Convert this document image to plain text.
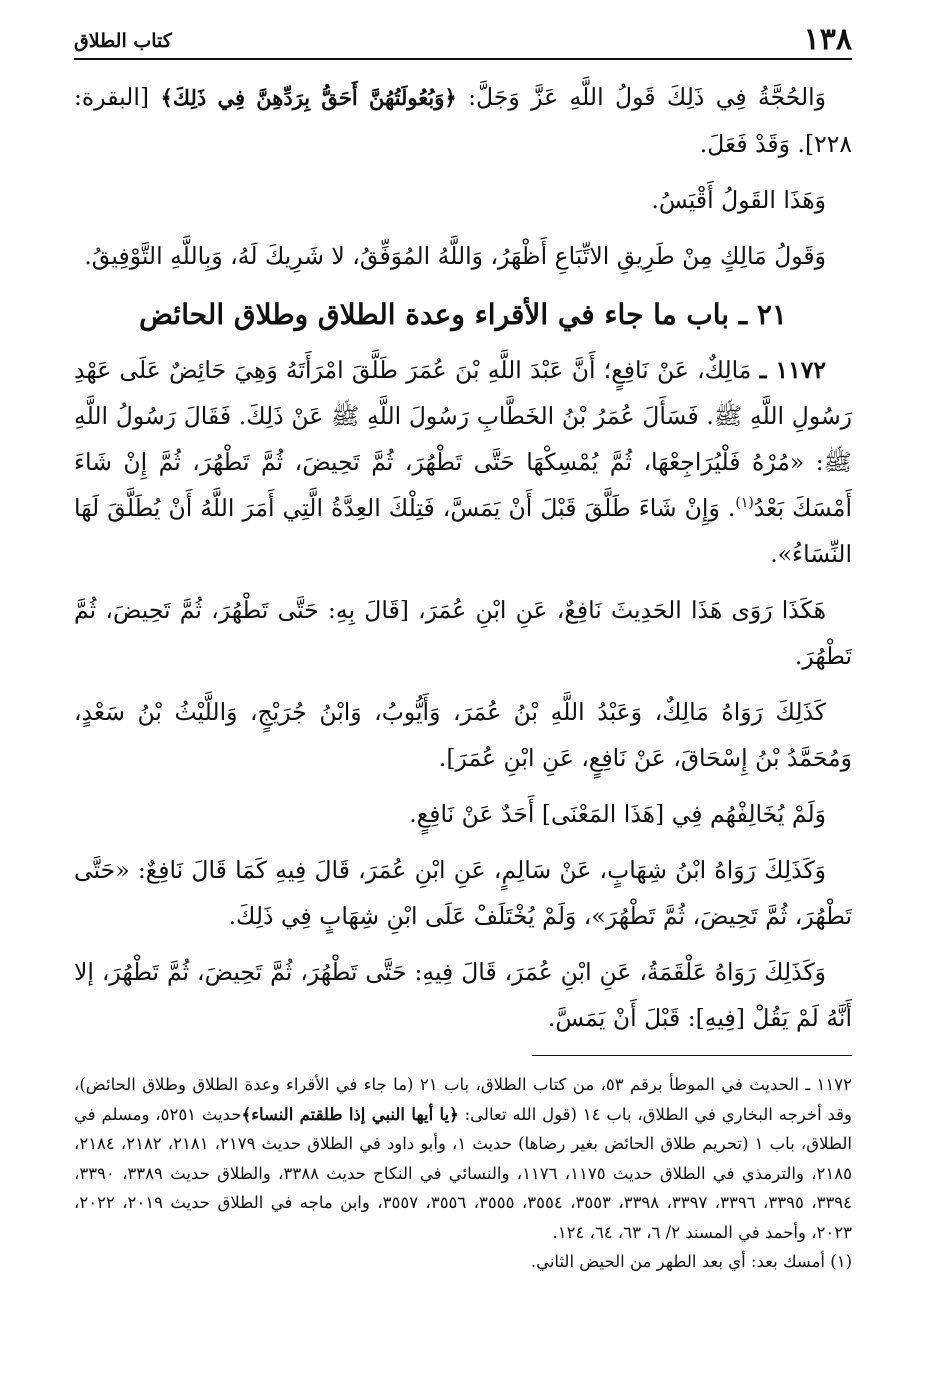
١٣٨
كتاب الطلاق

وَالحُجَّةُ فِي ذَلِكَ قَولُ اللَّهِ عَزَّ وَجَلَّ: ﴿وَبُعُولَتُهُنَّ أَحَقُّ بِرَدِّهِنَّ فِي ذَلِكَ﴾ [البقرة: ٢٢٨]. وَقَدْ فَعَلَ.

وَهَذَا القَولُ أَقْيَسُ.

وَقَولُ مَالِكٍ مِنْ طَرِيقِ الاتِّبَاعِ أَظْهَرُ، وَاللَّهُ المُوَفِّقُ، لا شَرِيكَ لَهُ، وَبِاللَّهِ التَّوْفِيقُ.

٢١ ـ باب ما جاء في الأقراء وعدة الطلاق وطلاق الحائض

١١٧٢ ـ مَالِكٌ، عَنْ نَافِعٍ؛ أَنَّ عَبْدَ اللَّهِ بْنَ عُمَرَ طَلَّقَ امْرَأَتَهُ وَهِيَ حَائِضٌ عَلَى عَهْدِ رَسُولِ اللَّهِ ﷺ. فَسَأَلَ عُمَرُ بْنُ الخَطَّابِ رَسُولَ اللَّهِ ﷺ عَنْ ذَلِكَ. فَقَالَ رَسُولُ اللَّهِ ﷺ: «مُرْهُ فَلْيُرَاجِعْهَا، ثُمَّ يُمْسِكْهَا حَتَّى تَطْهُرَ، ثُمَّ تَحِيضَ، ثُمَّ تَطْهُرَ، ثُمَّ إِنْ شَاءَ أَمْسَكَ بَعْدُ$^{(١)}$. وَإِنْ شَاءَ طَلَّقَ قَبْلَ أَنْ يَمَسَّ، فَتِلْكَ العِدَّةُ الَّتِي أَمَرَ اللَّهُ أَنْ يُطَلَّقَ لَهَا النِّسَاءُ».

هَكَذَا رَوَى هَذَا الحَدِيثَ نَافِعٌ، عَنِ ابْنِ عُمَرَ، [قَالَ بِهِ: حَتَّى تَطْهُرَ، ثُمَّ تَحِيضَ، ثُمَّ تَطْهُرَ.

كَذَلِكَ رَوَاهُ مَالِكٌ، وَعَبْدُ اللَّهِ بْنُ عُمَرَ، وَأَيُّوبُ، وَابْنُ جُرَيْجٍ، وَاللَّيْثُ بْنُ سَعْدٍ، وَمُحَمَّدُ بْنُ إِسْحَاقَ، عَنْ نَافِعٍ، عَنِ ابْنِ عُمَرَ].

وَلَمْ يُخَالِفْهُم فِي [هَذَا المَعْنَى] أَحَدٌ عَنْ نَافِعٍ.

وَكَذَلِكَ رَوَاهُ ابْنُ شِهَابٍ، عَنْ سَالِمٍ، عَنِ ابْنِ عُمَرَ، قَالَ فِيهِ كَمَا قَالَ نَافِعٌ: «حَتَّى تَطْهُرَ، ثُمَّ تَحِيضَ، ثُمَّ تَطْهُرَ»، وَلَمْ يُخْتَلَفْ عَلَى ابْنِ شِهَابٍ فِي ذَلِكَ.

وَكَذَلِكَ رَوَاهُ عَلْقَمَةُ، عَنِ ابْنِ عُمَرَ، قَالَ فِيهِ: حَتَّى تَطْهُرَ، ثُمَّ تَحِيضَ، ثُمَّ تَطْهُرَ، إلا أَنَّهُ لَمْ يَقُلْ [فِيهِ]: قَبْلَ أَنْ يَمَسَّ.

١١٧٢ ـ الحديث في الموطأ برقم ٥٣، من كتاب الطلاق، باب ٢١ (ما جاء في الأقراء وعدة الطلاق وطلاق الحائض)، وقد أخرجه البخاري في الطلاق، باب ١٤ (قول الله تعالى: ﴿يا أيها النبي إذا طلقتم النساء﴾حديث ٥٢٥١، ومسلم في الطلاق، باب ١ (تحريم طلاق الحائض بغير رضاها) حديث ١، وأبو داود في الطلاق حديث ٢١٧٩، ٢١٨١، ٢١٨٢، ٢١٨٤، ٢١٨٥، والترمذي في الطلاق حديث ١١٧٥، ١١٧٦، والنسائي في النكاح حديث ٣٣٨٨، والطلاق حديث ٣٣٨٩، ٣٣٩٠، ٣٣٩٤، ٣٣٩٥، ٣٣٩٦، ٣٣٩٧، ٣٣٩٨، ٣٥٥٣، ٣٥٥٤، ٣٥٥٥، ٣٥٥٦، ٣٥٥٧، وابن ماجه في الطلاق حديث ٢٠١٩، ٢٠٢٢، ٢٠٢٣، وأحمد في المسند ٢/ ٦، ٦٣، ٦٤، ١٢٤.

(١) أمسك بعد: أي بعد الطهر من الحيض الثاني.
